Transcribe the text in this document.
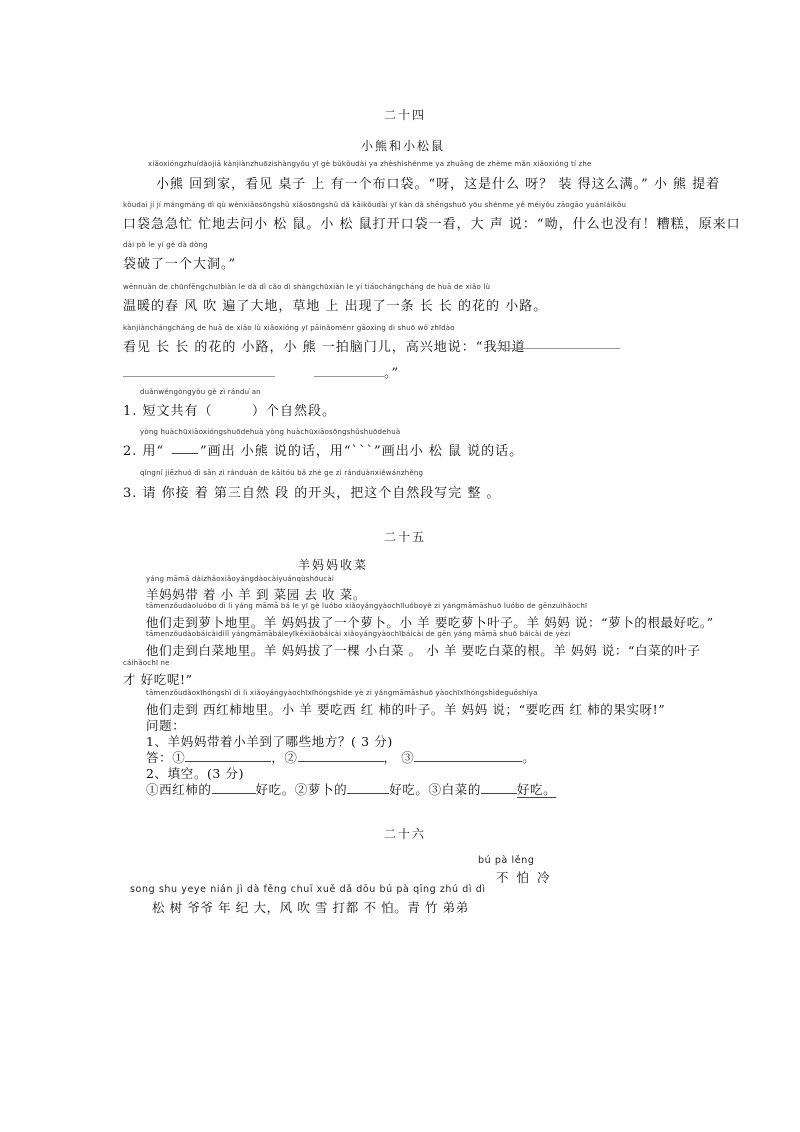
二十四
小熊和小松鼠
xiǎoxióngzhuídàojiā kànjiànzhuōzishàngyǒu yī gè bùkǒudài ya zhèshìshénme ya zhuāng de zhème mǎn xiǎoxióng tí zhe
小熊 回到家，看见 桌子 上 有一个布口袋。“呀，这是什么 呀？ 装 得这么满。” 小 熊 提着
kǒudai jí jí mángmáng dì qù wènxiǎosōngshǔ xiǎosōngshǔ dǎ kāikǒudài yī kàn dà shēngshuō yōu shénme yě méiyǒu zāogāo yuánláikǒu
口袋急急忙 忙地去问小 松 鼠。小 松 鼠打开口袋一看，大 声 说：“呦，什么也没有！糟糕，原来口
dài pò le yí gè dà dòng
袋破了一个大洞。”
wēnnuǎn de chūnfēngchuībiàn le dà dì cǎo dì shàngchūxiàn le yí tiáochángcháng de huā de xiǎo lù
温暖的春 风 吹 遍了大地，草地 上 出现了一条 长 长 的花的 小路。
kànjiànchángcháng de huā de xiǎo lù xiǎoxióng yī pāinǎoménr gāoxìng di shuō wǒ zhīdào
看见 长 长 的花的 小路，小 熊 一拍脑门儿，高兴地说：“我知道
。”
duǎnwéngòngyǒu gè zì rándu ̀an
1. 短文共有（	）个自然段。
yòng huàchūxiǎoxióngshuōdehuà yòng huàchūxiǎosōngshǔshuōdehuà
2. 用“	”画出 小熊 说的话，用“ˋˋˋ”画出小 松 鼠 说的话。
qǐngnǐ jiēzhuó dì sān zì ránduàn de kāitóu bǎ zhè ge zì ránduànxiěwánzhěng
3. 请 你接 着 第三自然 段 的开头，把这个自然段写完 整 。
二十五
羊妈妈收菜
yáng māmā dàizhǎoxiǎoyángdàocàiyuánqùshōucài
羊妈妈带 着 小 羊 到 菜园 去 收 菜。
tāmenzǒudàoluóbo dì li yáng māmā bá le yī gè luóbo xiǎoyángyàochīluóboyè zi yángmāmāshuō luóbo de gēnzuìhǎochī
他们走到萝卜地里。羊 妈妈拔了一个萝卜。小 羊 要吃萝卜叶子。羊 妈妈 说：“萝卜的根最好吃。”
tāmenzǒudàobáicàidìlǐ yángmāmābáleyīkēxiǎobáicài xiǎoyángyàochībáicài de gēn yáng māmā shuō báicài de yèzi
他们走到白菜地里。羊 妈妈拔了一棵 小白菜 。 小 羊 要吃白菜的根。羊 妈妈 说：“白菜的叶子
cáihǎochī ne
才 好吃呢!”
tāmenzǒudàoxīhóngshì dì li xiǎoyángyàochīxīhóngshìde yè zi yángmāmāshuō yàochīxīhóngshìdeguǒshíya
他们走到 西红柿地里。小 羊 要吃西 红 柿的叶子。羊 妈妈 说；“要吃西 红 柿的果实呀!”
问题：
1、羊妈妈带着小羊到了哪些地方？( 3 分)
答：①	，②	， ③	。
2、填空。(3 分)
①西红柿的	好吃。②萝卜的	好吃。③白菜的	好吃。
二十六
bú pà lěng
不 怕 冷
song shu yeye nián jì dà fēng chuī xuě dǎ dōu bú pà qīng zhú dì dì
松 树 爷爷 年 纪 大，风 吹 雪 打都 不 怕。青 竹 弟弟
